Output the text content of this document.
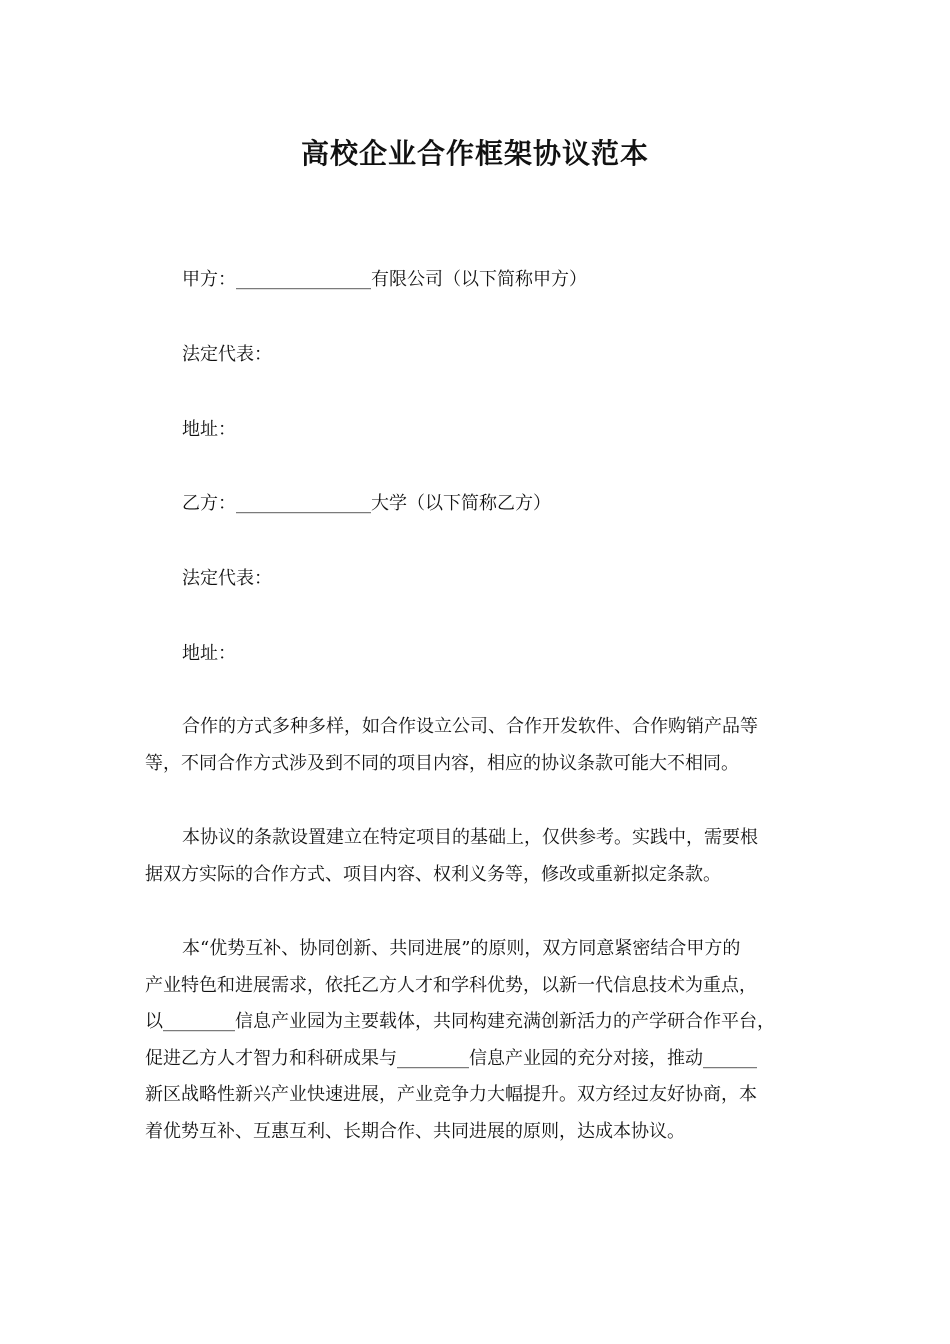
高校企业合作框架协议范本
甲方：_______________有限公司（以下简称甲方）
法定代表：
地址：
乙方：_______________大学（以下简称乙方）
法定代表：
地址：
合作的方式多种多样，如合作设立公司、合作开发软件、合作购销产品等
等，不同合作方式涉及到不同的项目内容，相应的协议条款可能大不相同。
本协议的条款设置建立在特定项目的基础上，仅供参考。实践中，需要根
据双方实际的合作方式、项目内容、权利义务等，修改或重新拟定条款。
本“优势互补、协同创新、共同进展”的原则，双方同意紧密结合甲方的
产业特色和进展需求，依托乙方人才和学科优势，以新一代信息技术为重点，
以________信息产业园为主要载体，共同构建充满创新活力的产学研合作平台，
促进乙方人才智力和科研成果与________信息产业园的充分对接，推动______
新区战略性新兴产业快速进展，产业竞争力大幅提升。双方经过友好协商，本
着优势互补、互惠互利、长期合作、共同进展的原则，达成本协议。
